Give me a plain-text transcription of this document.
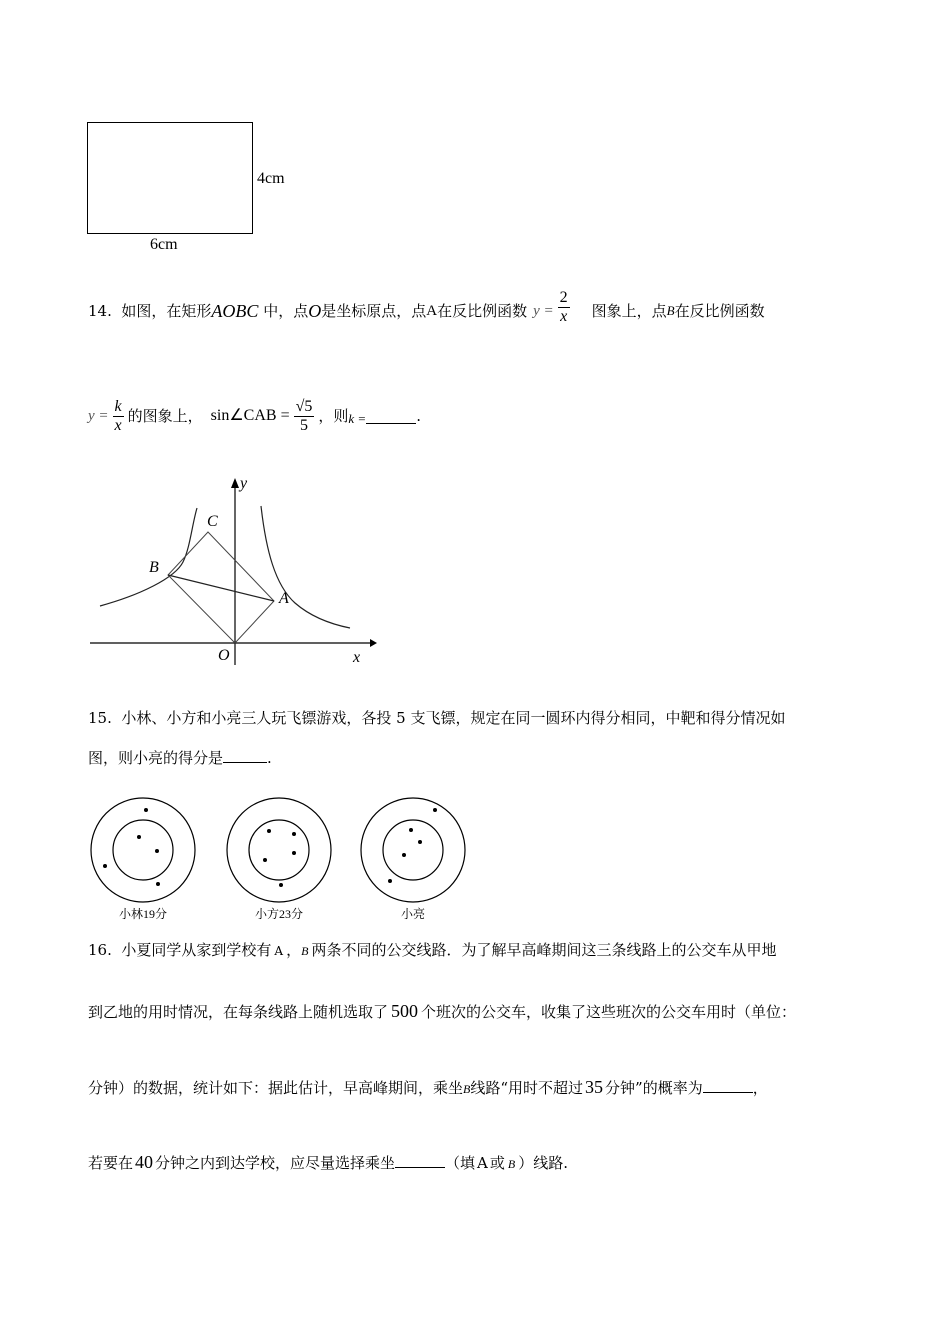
4cm
6cm
14.
如图，在矩形 AOBC
中，点 O 是坐标原点，点 A 在反比例函数 $y = \frac{2}{x}$ 图象上，点 B 在反比例函数
$y = \frac{k}{x}$ 的图象上， sin∠CAB = $\frac{√5}{5}$ ，则 k =	.
y
x
C
B
A
O
15. 小林、小方和小亮三人玩飞镖游戏，各投 5 支飞镖，规定在同一圆环内得分相同，中靶和得分情况如
图，则小亮的得分是	.
小林19分	小方23分	小亮
16. 小夏同学从家到学校有 A ，B 两条不同的公交线路．为了解早高峰期间这三条线路上的公交车从甲地
到乙地的用时情况，在每条线路上随机选取了 500 个班次的公交车，收集了这些班次的公交车用时（单位：
分钟）的数据，统计如下：据此估计，早高峰期间，乘坐B线路“用时不超过 35 分钟”的概率为	，
若要在 40 分钟之内到达学校，应尽量选择乘坐	（填 A 或 B ）线路.
